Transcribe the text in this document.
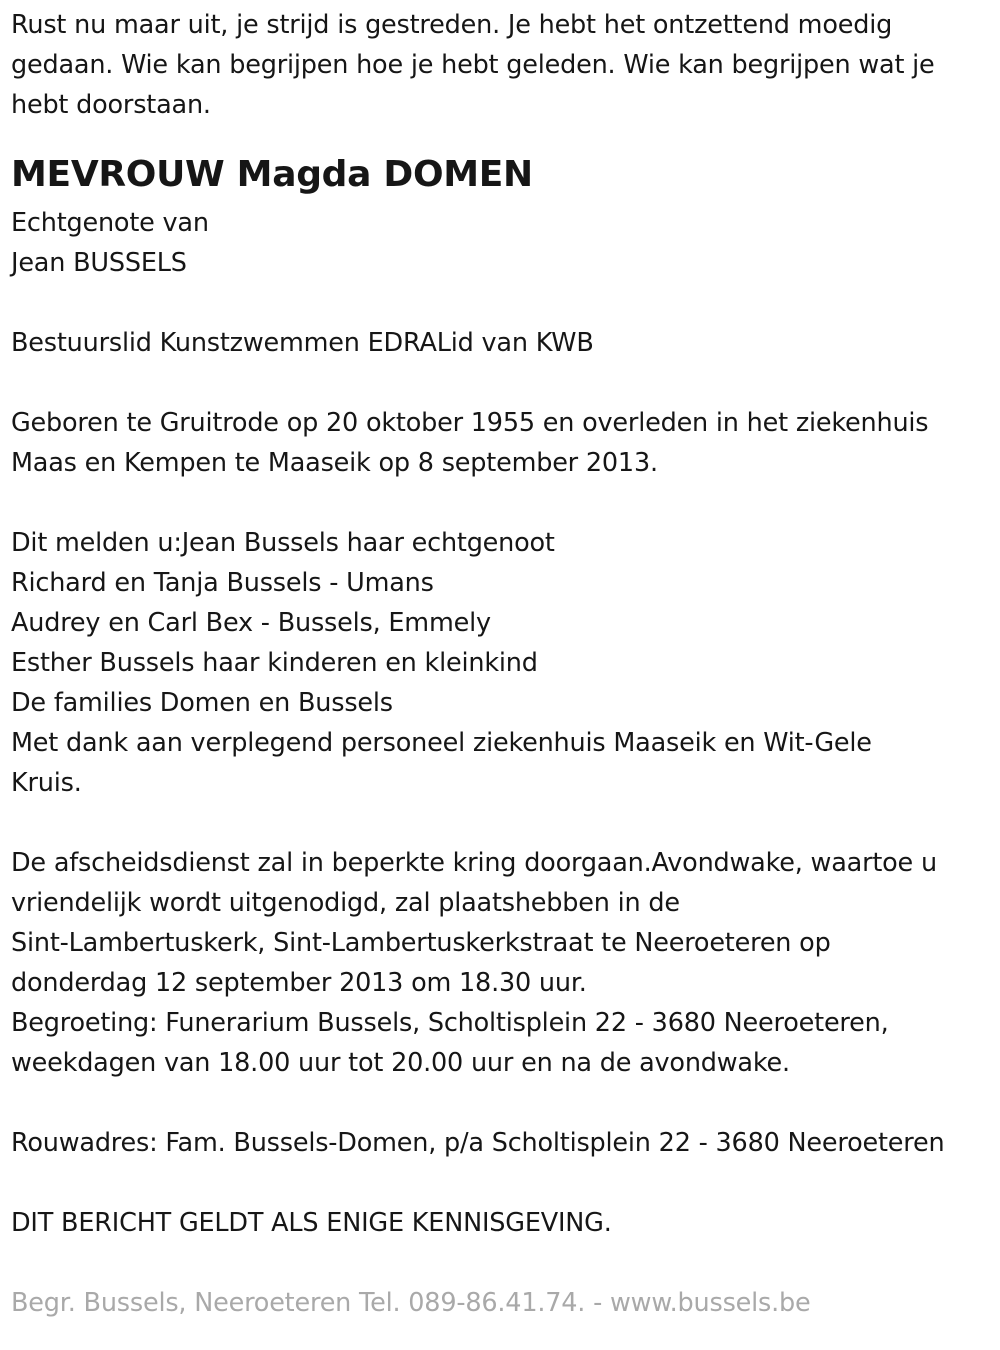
Rust nu maar uit, je strijd is gestreden. Je hebt het ontzettend moedig
gedaan. Wie kan begrijpen hoe je hebt geleden. Wie kan begrijpen wat je
hebt doorstaan.
MEVROUW Magda DOMEN
Echtgenote van
Jean BUSSELS
Bestuurslid Kunstzwemmen EDRALid van KWB
Geboren te Gruitrode op 20 oktober 1955 en overleden in het ziekenhuis
Maas en Kempen te Maaseik op 8 september 2013.
Dit melden u:Jean Bussels haar echtgenoot
Richard en Tanja Bussels - Umans
Audrey en Carl Bex - Bussels, Emmely
Esther Bussels haar kinderen en kleinkind
De families Domen en Bussels
Met dank aan verplegend personeel ziekenhuis Maaseik en Wit-Gele
Kruis.
De afscheidsdienst zal in beperkte kring doorgaan.Avondwake, waartoe u
vriendelijk wordt uitgenodigd, zal plaatshebben in de
Sint-Lambertuskerk, Sint-Lambertuskerkstraat te Neeroeteren op
donderdag 12 september 2013 om 18.30 uur.
Begroeting: Funerarium Bussels, Scholtisplein 22 - 3680 Neeroeteren,
weekdagen van 18.00 uur tot 20.00 uur en na de avondwake.
Rouwadres: Fam. Bussels-Domen, p/a Scholtisplein 22 - 3680 Neeroeteren
DIT BERICHT GELDT ALS ENIGE KENNISGEVING.
Begr. Bussels, Neeroeteren Tel. 089-86.41.74. - www.bussels.be
